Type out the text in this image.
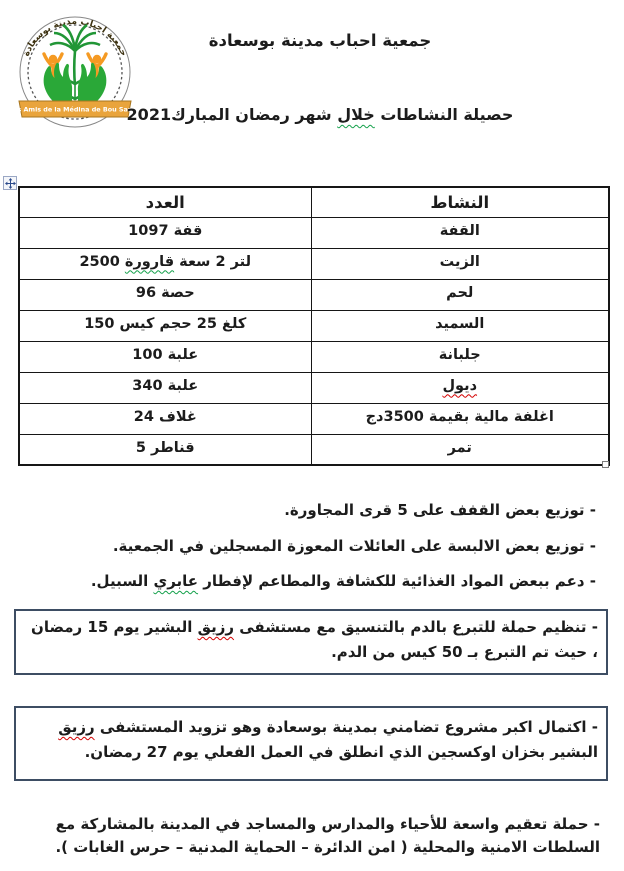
جمعية احباب مدينة بوسعادة
Les Amis de la Médina de Bou Saada
جمعية احباب مدينة بوسعادة
حصيلة النشاطات خلال شهر رمضان المبارك2021
النشاط	العدد
القفة	1097 قفة
الزيت	2500 قارورة سعة 2 لتر
لحم	96 حصة
السميد	150 كيس حجم 25 كلغ
جلبانة	100 علبة
ديول	340 علبة
اغلفة مالية بقيمة 3500دج	24 غلاف
تمر	5 قناطر
- توزيع بعض القفف على 5 قرى المجاورة.
- توزيع بعض الالبسة على العائلات المعوزة المسجلين في الجمعية.
- دعم ببعض المواد الغذائية للكشافة والمطاعم لإفطار عابري السبيل.
- تنظيم حملة للتبرع بالدم بالتنسيق مع مستشفى رزيق البشير يوم 15 رمضان ، حيث تم التبرع بـ 50 كيس من الدم.
- اكتمال اكبر مشروع تضامني بمدينة بوسعادة وهو تزويد المستشفى رزيق البشير بخزان اوكسجين الذي انطلق في العمل الفعلي يوم 27 رمضان.
- حملة تعقيم واسعة للأحياء والمدارس والمساجد في المدينة بالمشاركة مع السلطات الامنية والمحلية ( امن الدائرة – الحماية المدنية – حرس الغابات ).
